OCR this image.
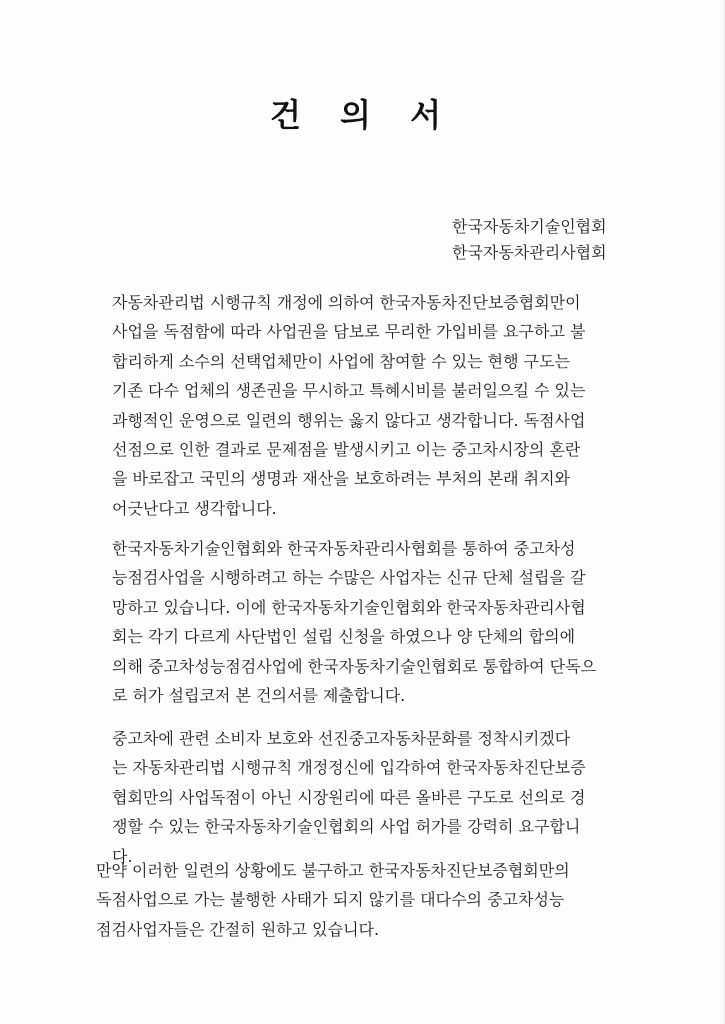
건 의 서
한국자동차기술인협회
한국자동차관리사협회
자동차관리법 시행규칙 개정에 의하여 한국자동차진단보증협회만이
사업을 독점함에 따라 사업권을 담보로 무리한 가입비를 요구하고 불
합리하게 소수의 선택업체만이 사업에 참여할 수 있는 현행 구도는
기존 다수 업체의 생존권을 무시하고 특혜시비를 불러일으킬 수 있는
과행적인 운영으로 일련의 행위는 옳지 않다고 생각합니다. 독점사업
선점으로 인한 결과로 문제점을 발생시키고 이는 중고차시장의 혼란
을 바로잡고 국민의 생명과 재산을 보호하려는 부처의 본래 취지와
어긋난다고 생각합니다.
한국자동차기술인협회와 한국자동차관리사협회를 통하여 중고차성
능점검사업을 시행하려고 하는 수많은 사업자는 신규 단체 설립을 갈
망하고 있습니다. 이에 한국자동차기술인협회와 한국자동차관리사협
회는 각기 다르게 사단법인 설립 신청을 하였으나 양 단체의 합의에
의해 중고차성능점검사업에 한국자동차기술인협회로 통합하여 단독으
로 허가 설립코저 본 건의서를 제출합니다.
중고차에 관련 소비자 보호와 선진중고자동차문화를 정착시키겠다
는 자동차관리법 시행규칙 개정정신에 입각하여 한국자동차진단보증
협회만의 사업독점이 아닌 시장원리에 따른 올바른 구도로 선의로 경
쟁할 수 있는 한국자동차기술인협회의 사업 허가를 강력히 요구합니
다.
만약 이러한 일련의 상황에도 불구하고 한국자동차진단보증협회만의
독점사업으로 가는 불행한 사태가 되지 않기를 대다수의 중고차성능
점검사업자들은 간절히 원하고 있습니다.
